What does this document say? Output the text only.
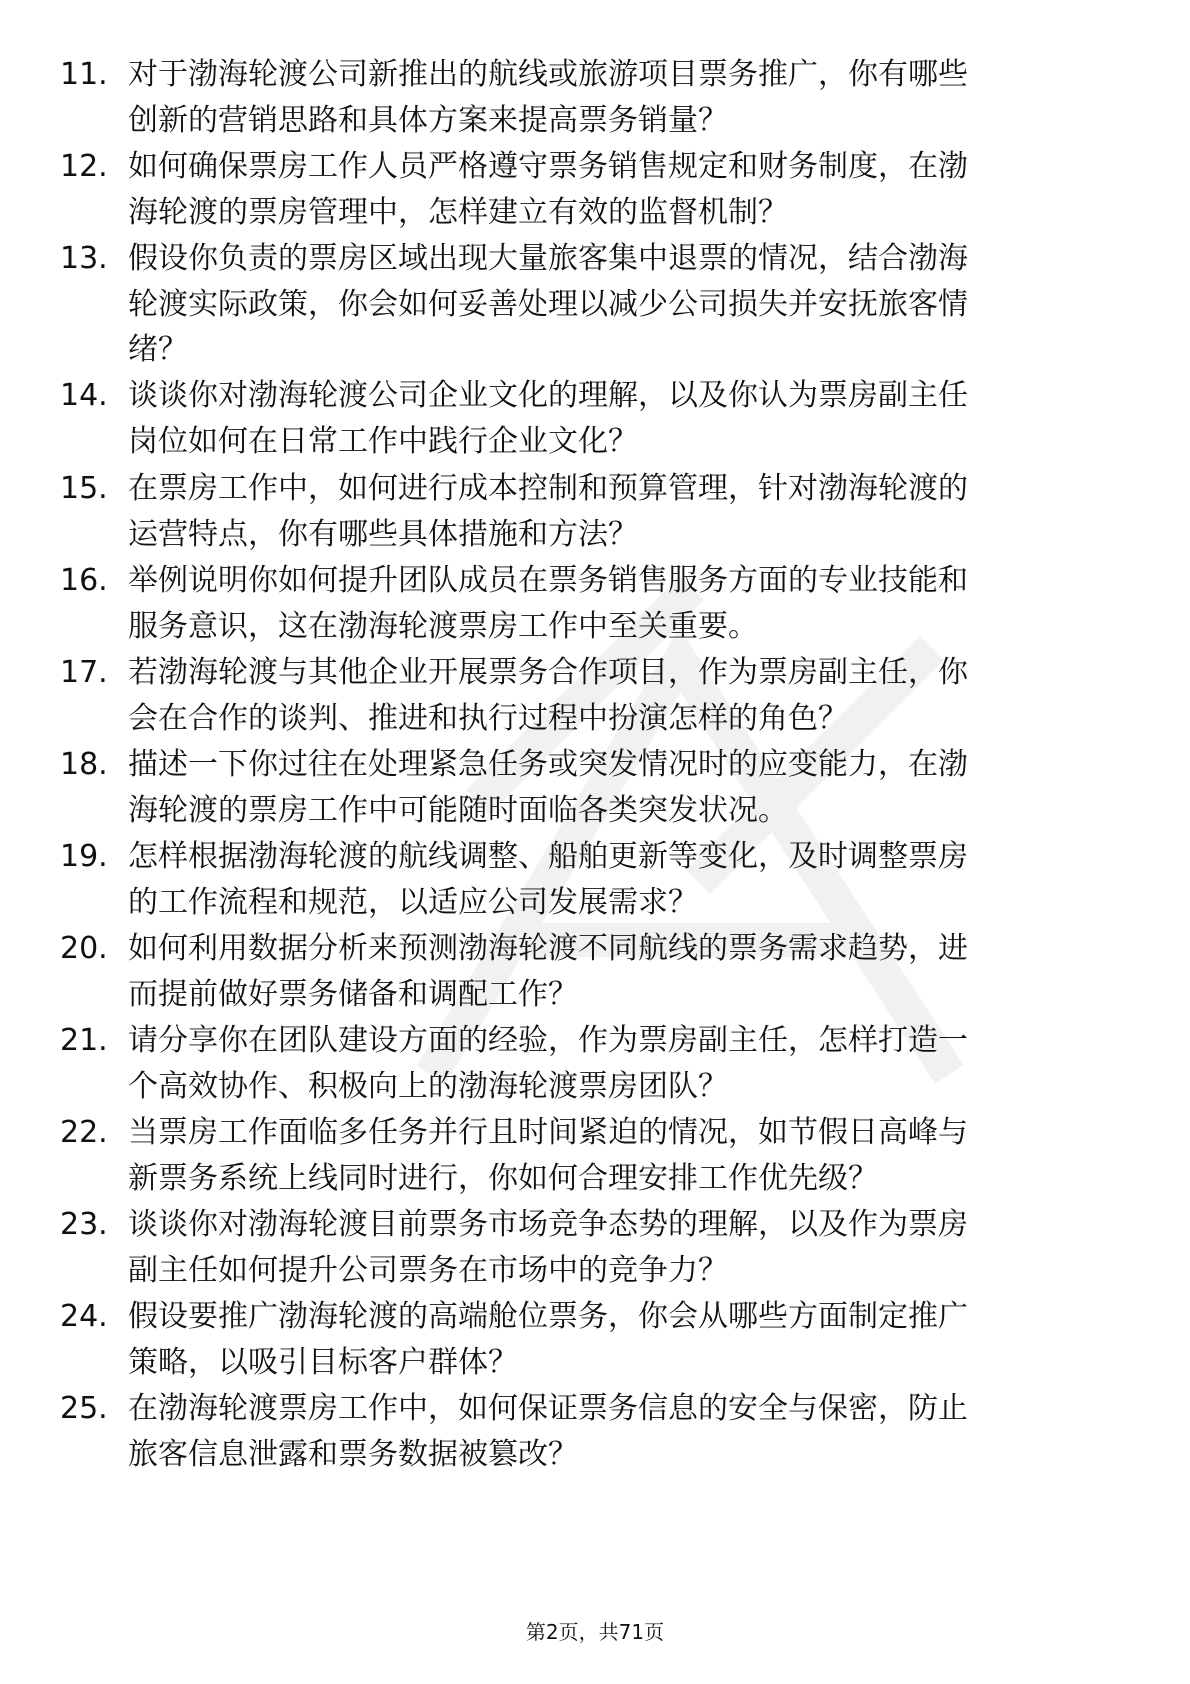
11. 对于渤海轮渡公司新推出的航线或旅游项目票务推广，你有哪些
创新的营销思路和具体方案来提高票务销量？
12. 如何确保票房工作人员严格遵守票务销售规定和财务制度，在渤
海轮渡的票房管理中，怎样建立有效的监督机制？
13. 假设你负责的票房区域出现大量旅客集中退票的情况，结合渤海
轮渡实际政策，你会如何妥善处理以减少公司损失并安抚旅客情
绪？
14. 谈谈你对渤海轮渡公司企业文化的理解，以及你认为票房副主任
岗位如何在日常工作中践行企业文化？
15. 在票房工作中，如何进行成本控制和预算管理，针对渤海轮渡的
运营特点，你有哪些具体措施和方法？
16. 举例说明你如何提升团队成员在票务销售服务方面的专业技能和
服务意识，这在渤海轮渡票房工作中至关重要。
17. 若渤海轮渡与其他企业开展票务合作项目，作为票房副主任，你
会在合作的谈判、推进和执行过程中扮演怎样的角色？
18. 描述一下你过往在处理紧急任务或突发情况时的应变能力，在渤
海轮渡的票房工作中可能随时面临各类突发状况。
19. 怎样根据渤海轮渡的航线调整、船舶更新等变化，及时调整票房
的工作流程和规范，以适应公司发展需求？
20. 如何利用数据分析来预测渤海轮渡不同航线的票务需求趋势，进
而提前做好票务储备和调配工作？
21. 请分享你在团队建设方面的经验，作为票房副主任，怎样打造一
个高效协作、积极向上的渤海轮渡票房团队？
22. 当票房工作面临多任务并行且时间紧迫的情况，如节假日高峰与
新票务系统上线同时进行，你如何合理安排工作优先级？
23. 谈谈你对渤海轮渡目前票务市场竞争态势的理解，以及作为票房
副主任如何提升公司票务在市场中的竞争力？
24. 假设要推广渤海轮渡的高端舱位票务，你会从哪些方面制定推广
策略，以吸引目标客户群体？
25. 在渤海轮渡票房工作中，如何保证票务信息的安全与保密，防止
旅客信息泄露和票务数据被篡改？
第2页，共71页
